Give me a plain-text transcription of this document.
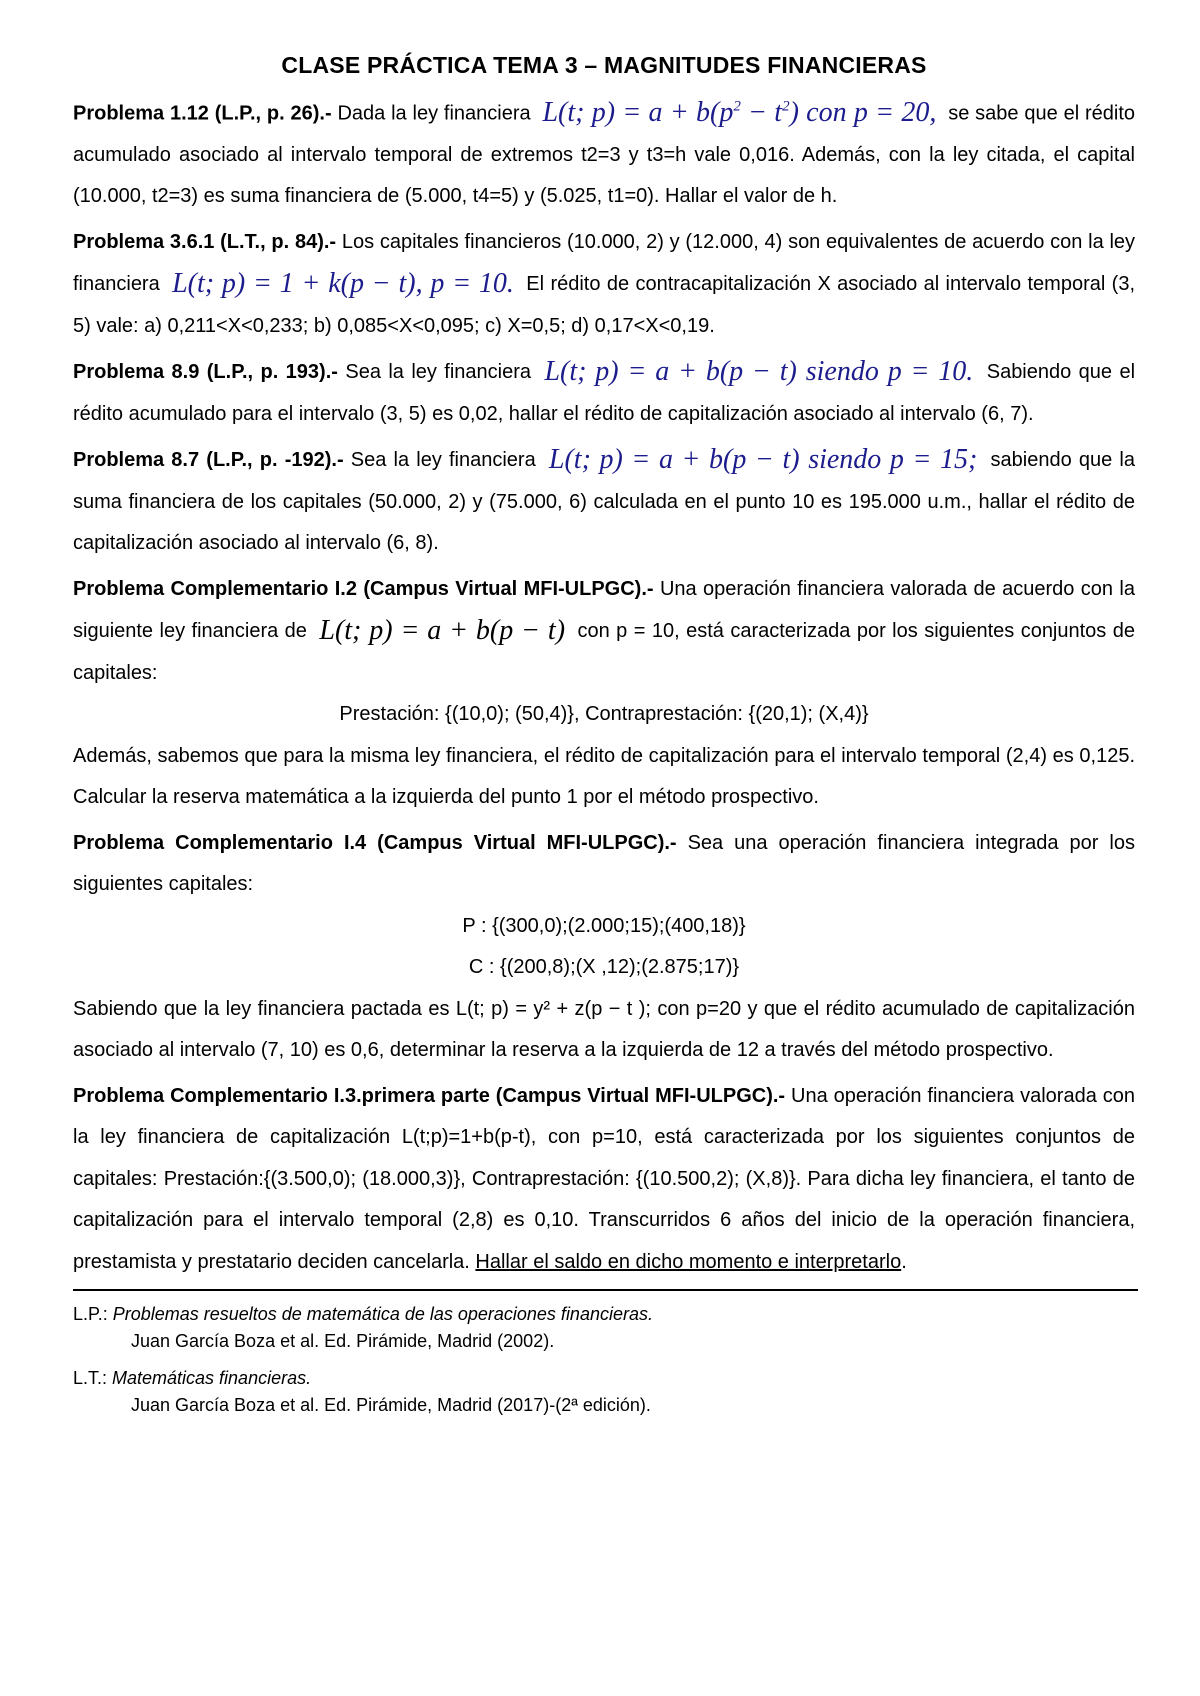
CLASE PRÁCTICA TEMA 3 – MAGNITUDES FINANCIERAS
Problema 1.12 (L.P., p. 26).- Dada la ley financiera L(t; $p) = a + b(p^2 - t^2)$ con p = 20, se sabe que el rédito acumulado asociado al intervalo temporal de extremos t2=3 y t3=h vale 0,016. Además, con la ley citada, el capital (10.000, t2=3) es suma financiera de (5.000, t4=5) y (5.025, t1=0). Hallar el valor de h.
Problema 3.6.1 (L.T., p. 84).- Los capitales financieros (10.000, 2) y (12.000, 4) son equivalentes de acuerdo con la ley financiera L(t; p) = 1 + k(p − t), p = 10. El rédito de contracapitalización X asociado al intervalo temporal (3, 5) vale: a) 0,211<X<0,233; b) 0,085<X<0,095; c) X=0,5; d) 0,17<X<0,19.
Problema 8.9 (L.P., p. 193).- Sea la ley financiera L(t; p) = a + b(p − t) siendo p = 10. Sabiendo que el rédito acumulado para el intervalo (3, 5) es 0,02, hallar el rédito de capitalización asociado al intervalo (6, 7).
Problema 8.7 (L.P., p. -192).- Sea la ley financiera L(t; p) = a + b(p − t) siendo p = 15; sabiendo que la suma financiera de los capitales (50.000, 2) y (75.000, 6) calculada en el punto 10 es 195.000 u.m., hallar el rédito de capitalización asociado al intervalo (6, 8).
Problema Complementario I.2 (Campus Virtual MFI-ULPGC).- Una operación financiera valorada de acuerdo con la siguiente ley financiera de L(t; p) = a + b(p − t) con p = 10, está caracterizada por los siguientes conjuntos de capitales:
Prestación: {(10,0); (50,4)}, Contraprestación: {(20,1); (X,4)}
Además, sabemos que para la misma ley financiera, el rédito de capitalización para el intervalo temporal (2,4) es 0,125. Calcular la reserva matemática a la izquierda del punto 1 por el método prospectivo.
Problema Complementario I.4 (Campus Virtual MFI-ULPGC).- Sea una operación financiera integrada por los siguientes capitales:
P : {(300,0);(2.000;15);(400,18)}
C : {(200,8);(X ,12);(2.875;17)}
Sabiendo que la ley financiera pactada es L(t; p) = y² + z(p − t ); con p=20 y que el rédito acumulado de capitalización asociado al intervalo (7, 10) es 0,6, determinar la reserva a la izquierda de 12 a través del método prospectivo.
Problema Complementario I.3.primera parte (Campus Virtual MFI-ULPGC).- Una operación financiera valorada con la ley financiera de capitalización L(t;p)=1+b(p-t), con p=10, está caracterizada por los siguientes conjuntos de capitales: Prestación:{(3.500,0); (18.000,3)}, Contraprestación: {(10.500,2); (X,8)}. Para dicha ley financiera, el tanto de capitalización para el intervalo temporal (2,8) es 0,10. Transcurridos 6 años del inicio de la operación financiera, prestamista y prestatario deciden cancelarla. Hallar el saldo en dicho momento e interpretarlo.
L.P.: Problemas resueltos de matemática de las operaciones financieras.
Juan García Boza et al. Ed. Pirámide, Madrid (2002).
L.T.: Matemáticas financieras.
Juan García Boza et al. Ed. Pirámide, Madrid (2017)-(2ª edición).
